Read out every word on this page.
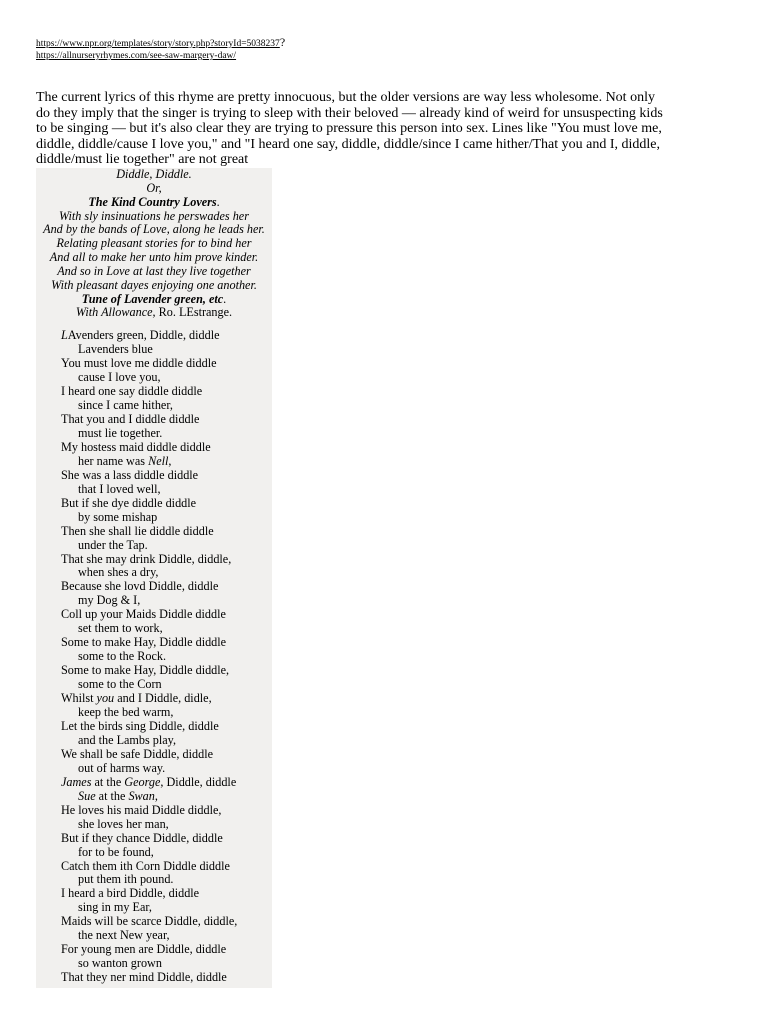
https://www.npr.org/templates/story/story.php?storyId=5038237?
https://allnurseryrhymes.com/see-saw-margery-daw/

The current lyrics of this rhyme are pretty innocuous, but the older versions are way less wholesome. Not only do they imply that the singer is trying to sleep with their beloved — already kind of weird for unsuspecting kids to be singing — but it's also clear they are trying to pressure this person into sex. Lines like "You must love me, diddle, diddle/cause I love you," and "I heard one say, diddle, diddle/since I came hither/That you and I, diddle, diddle/must lie together" are not great

Diddle, Diddle.
Or,
The Kind Country Lovers.
With sly insinuations he perswades her
And by the bands of Love, along he leads her.
Relating pleasant stories for to bind her
And all to make her unto him prove kinder.
And so in Love at last they live together
With pleasant dayes enjoying one another.
Tune of Lavender green, etc.
With Allowance, Ro. LEstrange.
LAvenders green, Diddle, diddle
Lavenders blue
You must love me diddle diddle
cause I love you,
I heard one say diddle diddle
since I came hither,
That you and I diddle diddle
must lie together.
My hostess maid diddle diddle
her name was Nell,
She was a lass diddle diddle
that I loved well,
But if she dye diddle diddle
by some mishap
Then she shall lie diddle diddle
under the Tap.
That she may drink Diddle, diddle,
when shes a dry,
Because she lovd Diddle, diddle
my Dog & I,
Coll up your Maids Diddle diddle
set them to work,
Some to make Hay, Diddle diddle
some to the Rock.
Some to make Hay, Diddle diddle,
some to the Corn
Whilst you and I Diddle, didle,
keep the bed warm,
Let the birds sing Diddle, diddle
and the Lambs play,
We shall be safe Diddle, diddle
out of harms way.
James at the George, Diddle, diddle
Sue at the Swan,
He loves his maid Diddle diddle,
she loves her man,
But if they chance Diddle, diddle
for to be found,
Catch them ith Corn Diddle diddle
put them ith pound.
I heard a bird Diddle, diddle
sing in my Ear,
Maids will be scarce Diddle, diddle,
the next New year,
For young men are Diddle, diddle
so wanton grown
That they ner mind Diddle, diddle
